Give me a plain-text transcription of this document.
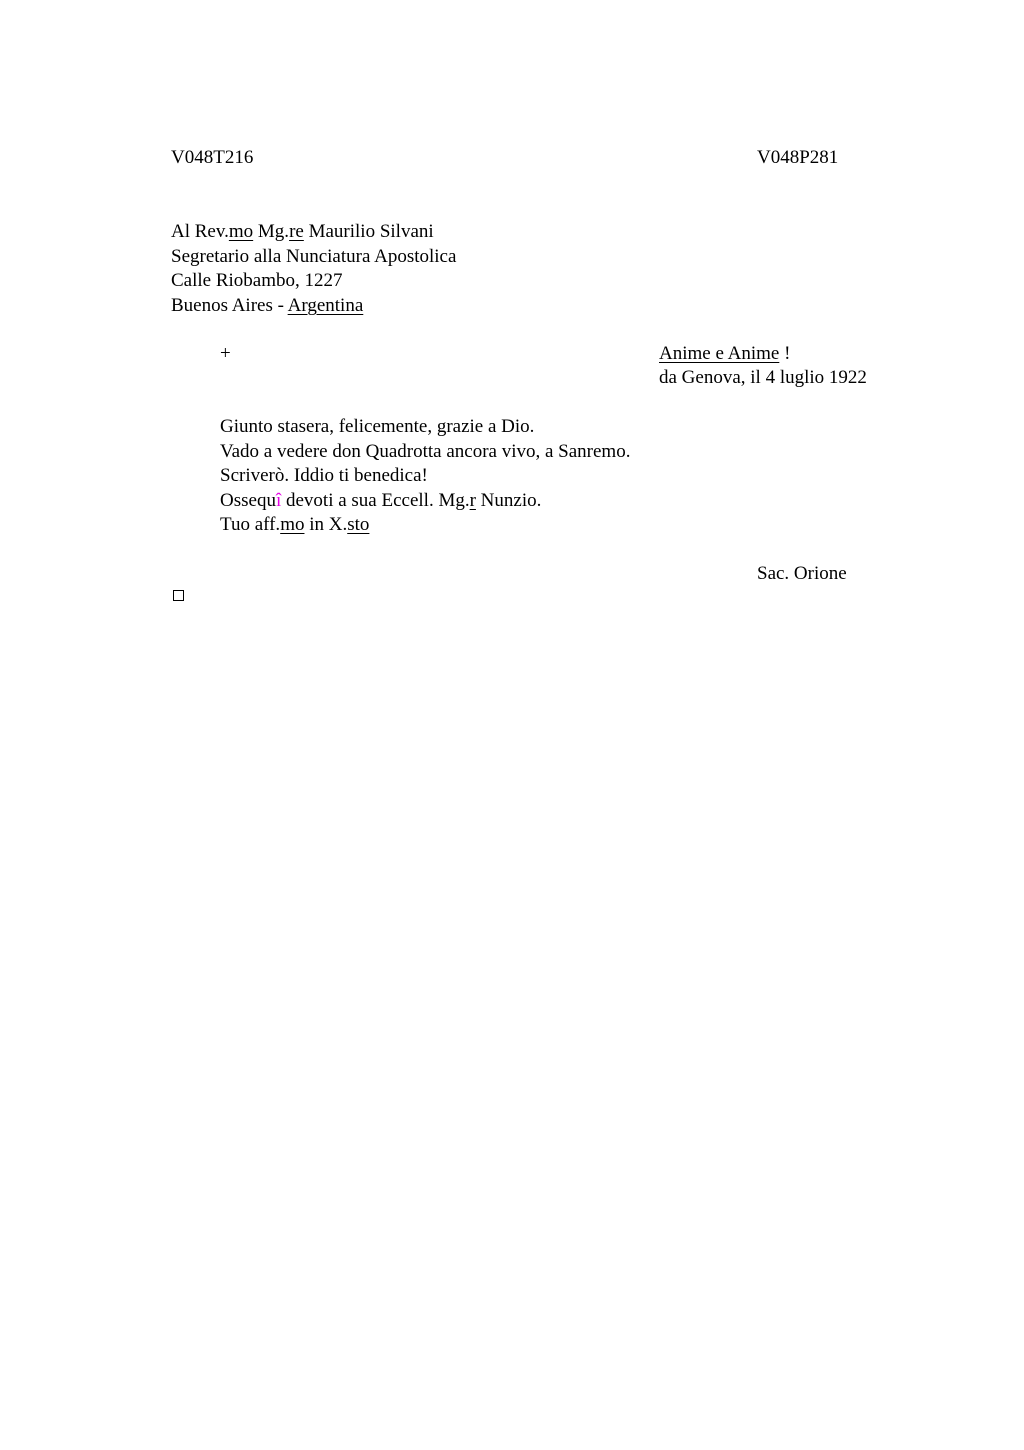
V048T216	V048P281
Al Rev.mo Mg.re Maurilio Silvani
Segretario alla Nunciatura Apostolica
Calle Riobambo, 1227
Buenos Aires - Argentina
+	Anime e Anime !
da Genova, il 4 luglio 1922
Giunto stasera, felicemente, grazie a Dio.
Vado a vedere don Quadrotta ancora vivo, a Sanremo.
Scriverò. Iddio ti benedica!
Ossequî devoti a sua Eccell. Mg.r Nunzio.
Tuo aff.mo in X.sto
Sac. Orione
